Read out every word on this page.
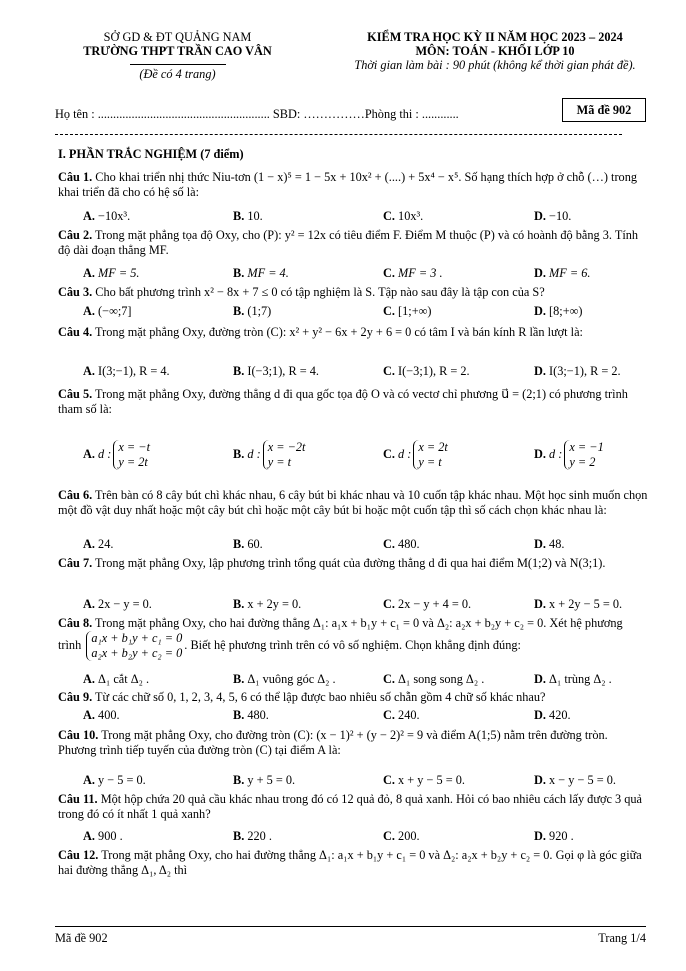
SỞ GD & ĐT QUẢNG NAM
TRƯỜNG THPT TRẦN CAO VÂN
(Đề có 4 trang)
KIỂM TRA HỌC KỲ II NĂM HỌC 2023 – 2024
MÔN: TOÁN - KHỐI LỚP 10
Thời gian làm bài : 90 phút (không kể thời gian phát đề).
Họ tên : ........................................................ SBD: ……………Phòng thi : ............	Mã đề 902
I. PHẦN TRẮC NGHIỆM (7 điểm)
Câu 1. Cho khai triển nhị thức Niu-tơn (1 − x)⁵ = 1 − 5x + 10x² + (....) + 5x⁴ − x⁵. Số hạng thích hợp ở chỗ (…) trong khai triển đã cho có hệ số là:
A. −10x³.	B. 10.	C. 10x³.	D. −10.
Câu 2. Trong mặt phẳng tọa độ Oxy, cho (P): y² = 12x có tiêu điểm F. Điểm M thuộc (P) và có hoành độ bằng 3. Tính độ dài đoạn thẳng MF.
A. MF = 5.	B. MF = 4.	C. MF = 3 .	D. MF = 6.
Câu 3. Cho bất phương trình x² − 8x + 7 ≤ 0 có tập nghiệm là S. Tập nào sau đây là tập con của S?
A. (−∞;7]	B. (1;7)	C. [1;+∞)	D. [8;+∞)
Câu 4. Trong mặt phẳng Oxy, đường tròn (C): x² + y² − 6x + 2y + 6 = 0 có tâm I và bán kính R lần lượt là:
A. I(3;−1), R = 4.	B. I(−3;1), R = 4.	C. I(−3;1), R = 2.	D. I(3;−1), R = 2.
Câu 5. Trong mặt phẳng Oxy, đường thẳng d đi qua gốc tọa độ O và có vectơ chỉ phương u⃗ = (2;1) có phương trình tham số là:
A. d : x = −t
y = 2t
B. d : x = −2t
y = t
C. d : x = 2t
y = t
D. d : x = −1
y = 2
Câu 6. Trên bàn có 8 cây bút chì khác nhau, 6 cây bút bi khác nhau và 10 cuốn tập khác nhau. Một học sinh muốn chọn một đồ vật duy nhất hoặc một cây bút chì hoặc một cây bút bi hoặc một cuốn tập thì số cách chọn khác nhau là:
A. 24.	B. 60.	C. 480.	D. 48.
Câu 7. Trong mặt phẳng Oxy, lập phương trình tổng quát của đường thẳng d đi qua hai điểm M(1;2) và N(3;1).
A. 2x − y = 0.	B. x + 2y = 0.	C. 2x − y + 4 = 0.	D. x + 2y − 5 = 0.
Câu 8. Trong mặt phẳng Oxy, cho hai đường thẳng Δ₁: a₁x + b₁y + c₁ = 0 và Δ₂: a₂x + b₂y + c₂ = 0. Xét hệ phương trình a₁x + b₁y + c₁ = 0
a₂x + b₂y + c₂ = 0. Biết hệ phương trình trên có vô số nghiệm. Chọn khẳng định đúng:
A. Δ₁ cắt Δ₂ .	B. Δ₁ vuông góc Δ₂ .	C. Δ₁ song song Δ₂ .	D. Δ₁ trùng Δ₂ .
Câu 9. Từ các chữ số 0, 1, 2, 3, 4, 5, 6 có thể lập được bao nhiêu số chẵn gồm 4 chữ số khác nhau?
A. 400.	B. 480.	C. 240.	D. 420.
Câu 10. Trong mặt phẳng Oxy, cho đường tròn (C): (x − 1)² + (y − 2)² = 9 và điểm A(1;5) nằm trên đường tròn. Phương trình tiếp tuyến của đường tròn (C) tại điểm A là:
A. y − 5 = 0.	B. y + 5 = 0.	C. x + y − 5 = 0.	D. x − y − 5 = 0.
Câu 11. Một hộp chứa 20 quả cầu khác nhau trong đó có 12 quả đỏ, 8 quả xanh. Hỏi có bao nhiêu cách lấy được 3 quả trong đó có ít nhất 1 quả xanh?
A. 900 .	B. 220 .	C. 200.	D. 920 .
Câu 12. Trong mặt phẳng Oxy, cho hai đường thẳng Δ₁: a₁x + b₁y + c₁ = 0 và Δ₂: a₂x + b₂y + c₂ = 0. Gọi φ là góc giữa hai đường thẳng Δ₁, Δ₂ thì
Mã đề 902	Trang 1/4
